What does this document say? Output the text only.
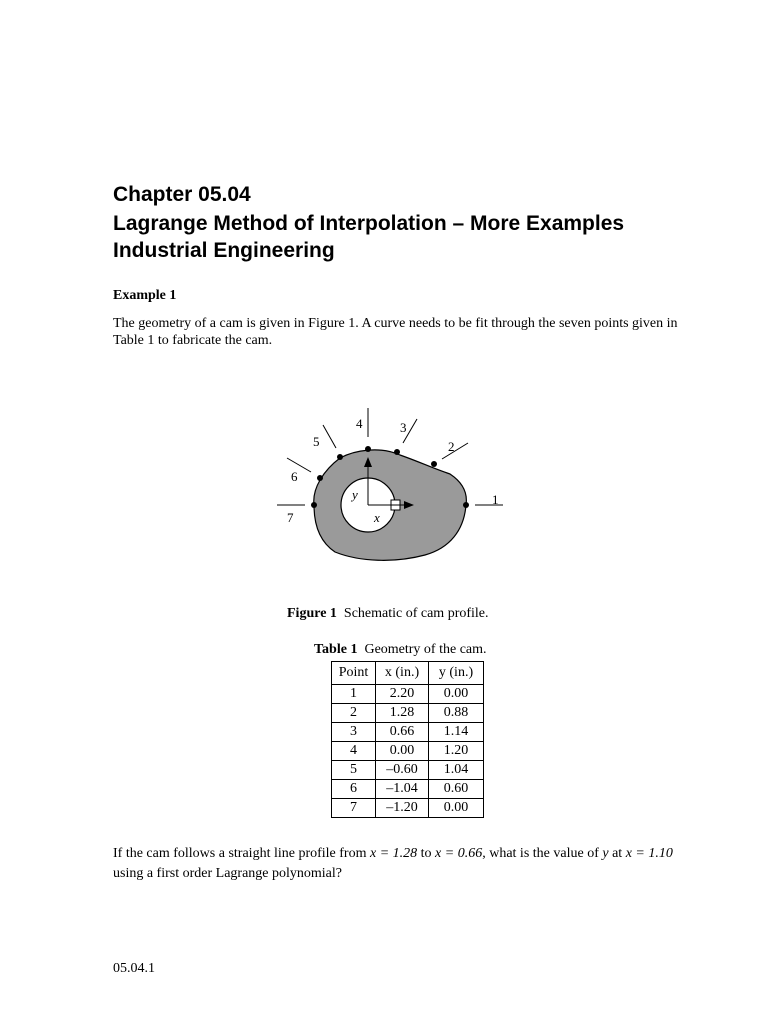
Chapter 05.04
Lagrange Method of Interpolation – More Examples
Industrial Engineering
Example 1

The geometry of a cam is given in Figure 1. A curve needs to be fit through the seven points given in Table 1 to fabricate the cam.

x
y	1
2
3
4
5
6
7
Figure 1 Schematic of cam profile.
Table 1 Geometry of the cam.
Point	x (in.)	y (in.)
1	2.20	0.00
2	1.28	0.88
3	0.66	1.14
4	0.00	1.20
5	–0.60	1.04
6	–1.04	0.60
7	–1.20	0.00

If the cam follows a straight line profile from x = 1.28 to x = 0.66, what is the value of y at x = 1.10 using a first order Lagrange polynomial?

05.04.1
